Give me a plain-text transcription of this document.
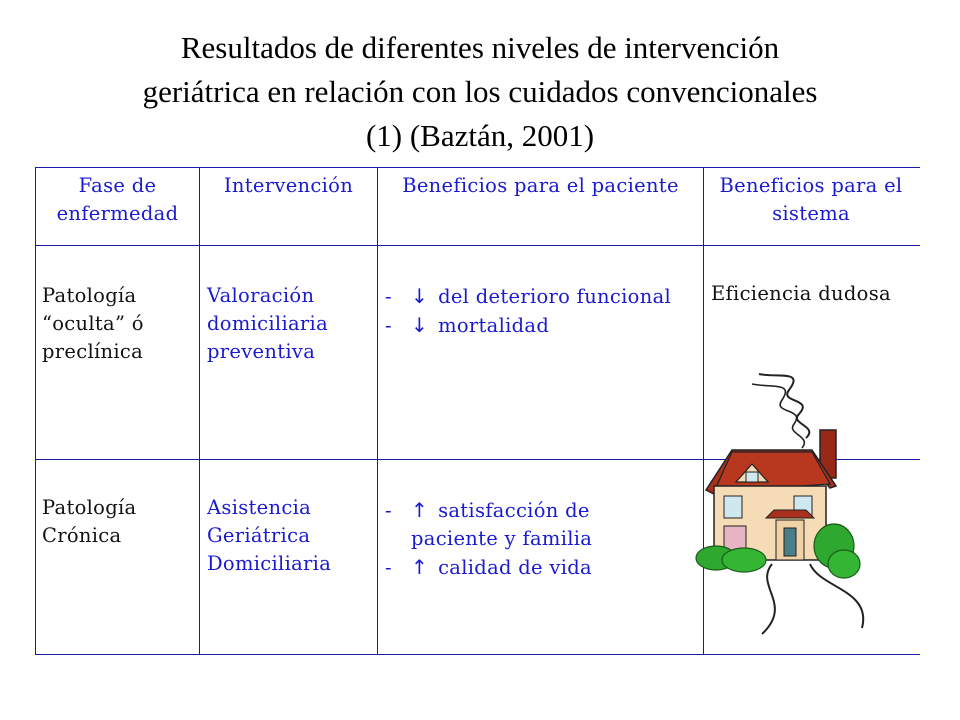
Resultados de diferentes niveles de intervención
geriátrica en relación con los cuidados convencionales
(1) (Baztán, 2001)
Fase de
enfermedad
Intervención	Beneficios para el paciente	Beneficios para el
sistema
Patología
“oculta” ó
preclínica
Valoración
domiciliaria
preventiva
- ↓ del deterioro funcional
- ↓ mortalidad
Eficiencia dudosa
Patología
Crónica
Asistencia
Geriátrica
Domiciliaria
- ↑ satisfacción de
paciente y familia
- ↑ calidad de vida
